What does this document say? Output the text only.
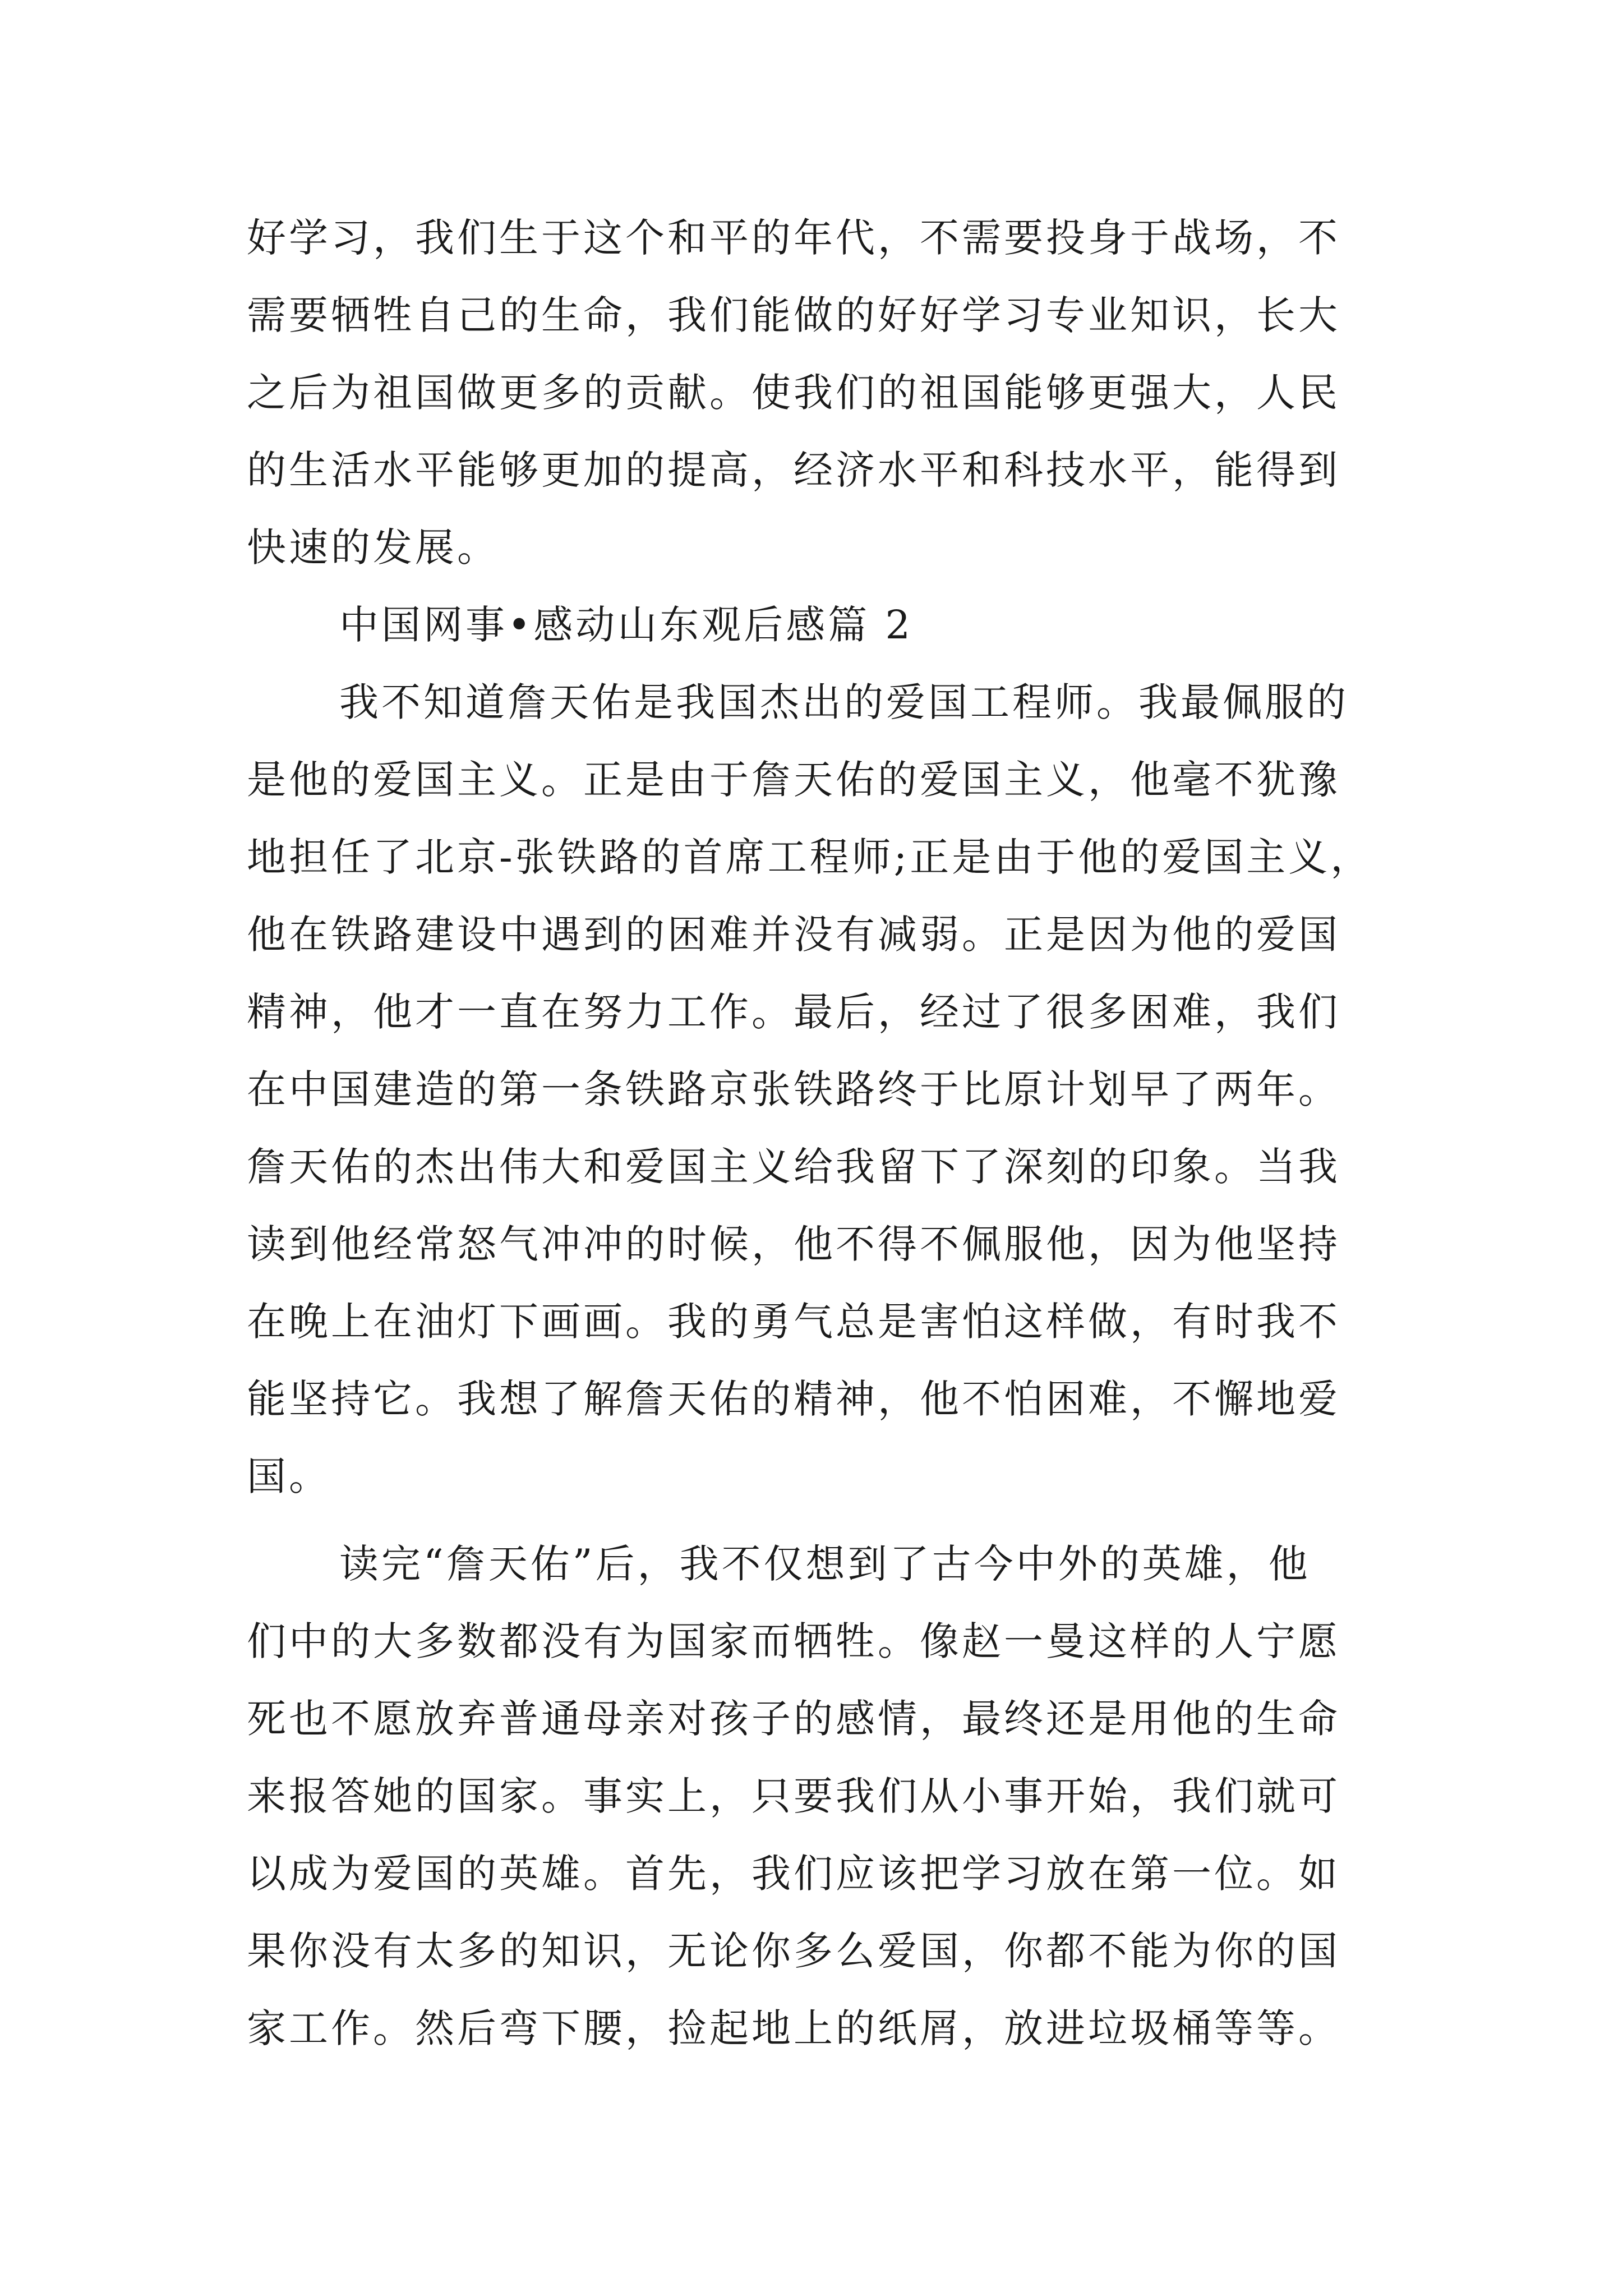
好学习，我们生于这个和平的年代，不需要投身于战场，不
需要牺牲自己的生命，我们能做的好好学习专业知识，长大
之后为祖国做更多的贡献。使我们的祖国能够更强大，人民
的生活水平能够更加的提高，经济水平和科技水平，能得到
快速的发展。
中国网事•感动山东观后感篇 2
我不知道詹天佑是我国杰出的爱国工程师。我最佩服的
是他的爱国主义。正是由于詹天佑的爱国主义，他毫不犹豫
地担任了北京-张铁路的首席工程师;正是由于他的爱国主义，
他在铁路建设中遇到的困难并没有减弱。正是因为他的爱国
精神，他才一直在努力工作。最后，经过了很多困难，我们
在中国建造的第一条铁路京张铁路终于比原计划早了两年。
詹天佑的杰出伟大和爱国主义给我留下了深刻的印象。当我
读到他经常怒气冲冲的时候，他不得不佩服他，因为他坚持
在晚上在油灯下画画。我的勇气总是害怕这样做，有时我不
能坚持它。我想了解詹天佑的精神，他不怕困难，不懈地爱
国。
读完“詹天佑”后，我不仅想到了古今中外的英雄，他
们中的大多数都没有为国家而牺牲。像赵一曼这样的人宁愿
死也不愿放弃普通母亲对孩子的感情，最终还是用他的生命
来报答她的国家。事实上，只要我们从小事开始，我们就可
以成为爱国的英雄。首先，我们应该把学习放在第一位。如
果你没有太多的知识，无论你多么爱国，你都不能为你的国
家工作。然后弯下腰，捡起地上的纸屑，放进垃圾桶等等。
